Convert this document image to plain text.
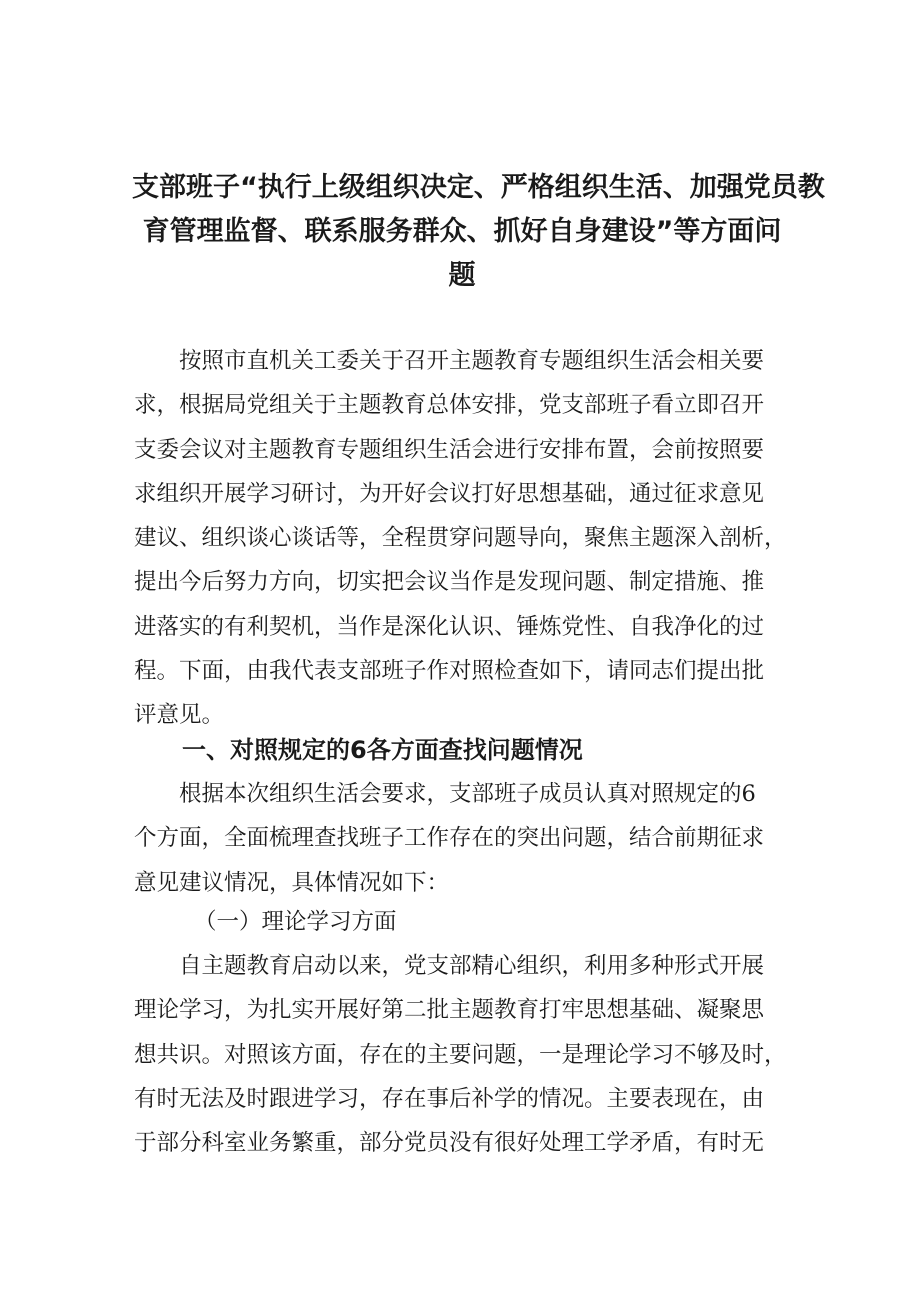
支部班子“执行上级组织决定、严格组织生活、加强党员教
育管理监督、联系服务群众、抓好自身建设”等方面问
题
　　按照市直机关工委关于召开主题教育专题组织生活会相关要
求，根据局党组关于主题教育总体安排，党支部班子看立即召开
支委会议对主题教育专题组织生活会进行安排布置，会前按照要
求组织开展学习研讨，为开好会议打好思想基础，通过征求意见
建议、组织谈心谈话等，全程贯穿问题导向，聚焦主题深入剖析，
提出今后努力方向，切实把会议当作是发现问题、制定措施、推
进落实的有利契机，当作是深化认识、锤炼党性、自我净化的过
程。下面，由我代表支部班子作对照检查如下，请同志们提出批
评意见。
一、对照规定的6各方面查找问题情况
　　根据本次组织生活会要求，支部班子成员认真对照规定的6
个方面，全面梳理查找班子工作存在的突出问题，结合前期征求
意见建议情况，具体情况如下：
（一）理论学习方面
　　自主题教育启动以来，党支部精心组织，利用多种形式开展
理论学习，为扎实开展好第二批主题教育打牢思想基础、凝聚思
想共识。对照该方面，存在的主要问题，一是理论学习不够及时，
有时无法及时跟进学习，存在事后补学的情况。主要表现在，由
于部分科室业务繁重，部分党员没有很好处理工学矛盾，有时无
